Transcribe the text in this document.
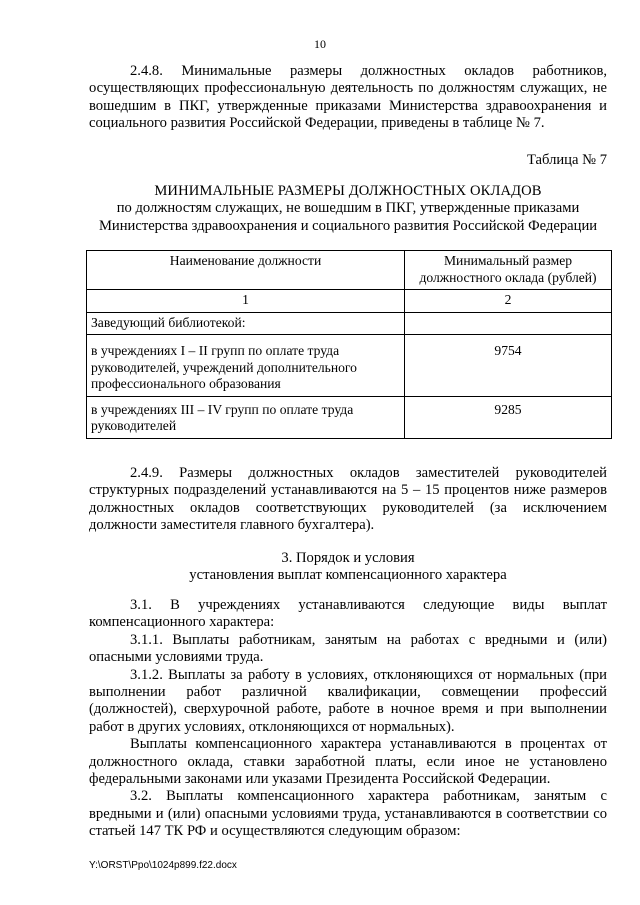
10

2.4.8. Минимальные размеры должностных окладов работников, осуществляющих профессиональную деятельность по должностям служащих, не вошедшим в ПКГ, утвержденные приказами Министерства здравоохранения и социального развития Российской Федерации, приведены в таблице № 7.

Таблица № 7

МИНИМАЛЬНЫЕ РАЗМЕРЫ ДОЛЖНОСТНЫХ ОКЛАДОВ

по должностям служащих, не вошедшим в ПКГ, утвержденные приказами

Министерства здравоохранения и социального развития Российской Федерации

Наименование должности	Минимальный размер должностного оклада (рублей)
1	2
Заведующий библиотекой:	
в учреждениях I – II групп по оплате труда руководителей, учреждений дополнительного профессионального образования	9754
в учреждениях III – IV групп по оплате труда руководителей	9285

2.4.9. Размеры должностных окладов заместителей руководителей структурных подразделений устанавливаются на 5 – 15 процентов ниже размеров должностных окладов соответствующих руководителей (за исключением должности заместителя главного бухгалтера).

3. Порядок и условия

установления выплат компенсационного характера

3.1. В учреждениях устанавливаются следующие виды выплат компенсационного характера:

3.1.1. Выплаты работникам, занятым на работах с вредными и (или) опасными условиями труда.

3.1.2. Выплаты за работу в условиях, отклоняющихся от нормальных (при выполнении работ различной квалификации, совмещении профессий (должностей), сверхурочной работе, работе в ночное время и при выполнении работ в других условиях, отклоняющихся от нормальных).

Выплаты компенсационного характера устанавливаются в процентах от должностного оклада, ставки заработной платы, если иное не установлено федеральными законами или указами Президента Российской Федерации.

3.2. Выплаты компенсационного характера работникам, занятым с вредными и (или) опасными условиями труда, устанавливаются в соответствии со статьей 147 ТК РФ и осуществляются следующим образом:

Y:\ORST\Ppo\1024p899.f22.docx
